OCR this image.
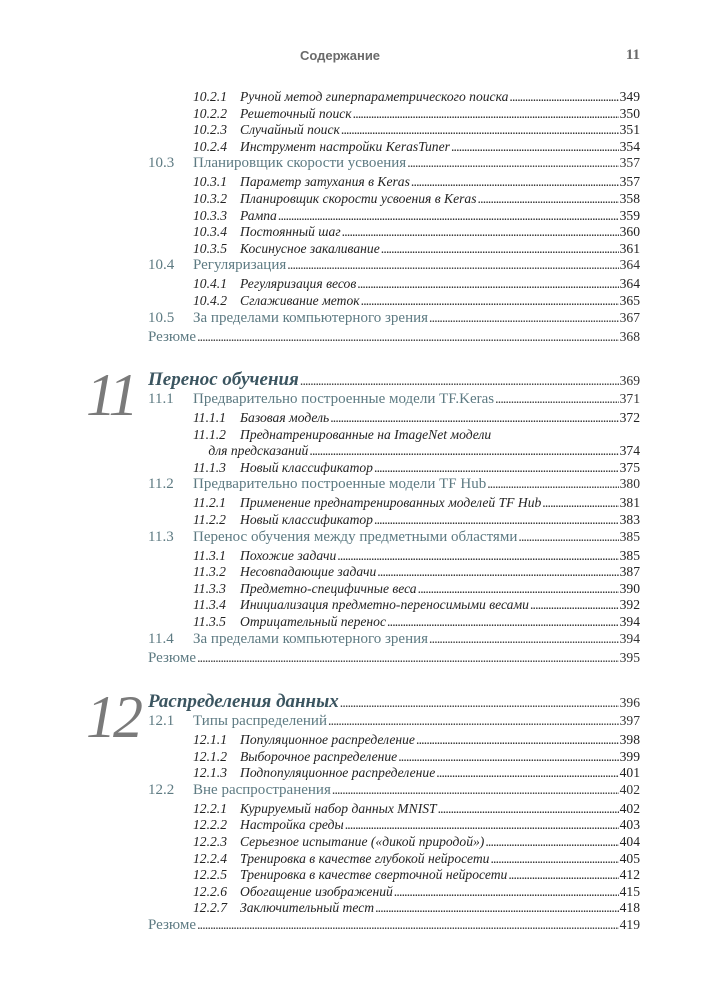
Содержание	11
10.2.1 Ручной метод гиперпараметрического поиска . . .	349
10.2.2 Решеточный поиск . . .	350
10.2.3 Случайный поиск . . .	351
10.2.4 Инструмент настройки KerasTuner . . .	354
10.3	Планировщик скорости усвоения . . .	357
10.3.1 Параметр затухания в Keras . . .	357
10.3.2 Планировщик скорости усвоения в Keras . . .	358
10.3.3 Рампа . . .	359
10.3.4 Постоянный шаг . . .	360
10.3.5 Косинусное закаливание . . .	361
10.4	Регуляризация . . .	364
10.4.1 Регуляризация весов . . .	364
10.4.2 Сглаживание меток . . .	365
10.5	За пределами компьютерного зрения . . .	367
Резюме . . .	368
11 Перенос обучения . . .	369
11.1	Предварительно построенные модели TF.Keras . . .	371
11.1.1 Базовая модель . . .	372
11.1.2 Преднатренированные на ImageNet модели
для предсказаний . . .	374
11.1.3 Новый классификатор . . .	375
11.2	Предварительно построенные модели TF Hub . . .	380
11.2.1 Применение преднатренированных моделей TF Hub . . .	381
11.2.2 Новый классификатор . . .	383
11.3	Перенос обучения между предметными областями . . .	385
11.3.1 Похожие задачи . . .	385
11.3.2 Несовпадающие задачи . . .	387
11.3.3 Предметно-специфичные веса . . .	390
11.3.4 Инициализация предметно-переносимыми весами . . .	392
11.3.5 Отрицательный перенос . . .	394
11.4	За пределами компьютерного зрения . . .	394
Резюме . . .	395
12 Распределения данных . . .	396
12.1	Типы распределений . . .	397
12.1.1 Популяционное распределение . . .	398
12.1.2 Выборочное распределение . . .	399
12.1.3 Подпопуляционное распределение . . .	401
12.2	Вне распространения . . .	402
12.2.1 Курируемый набор данных MNIST . . .	402
12.2.2 Настройка среды . . .	403
12.2.3 Серьезное испытание («дикой природой») . . .	404
12.2.4 Тренировка в качестве глубокой нейросети . . .	405
12.2.5 Тренировка в качестве сверточной нейросети . . .	412
12.2.6 Обогащение изображений . . .	415
12.2.7 Заключительный тест . . .	418
Резюме . . .	419
